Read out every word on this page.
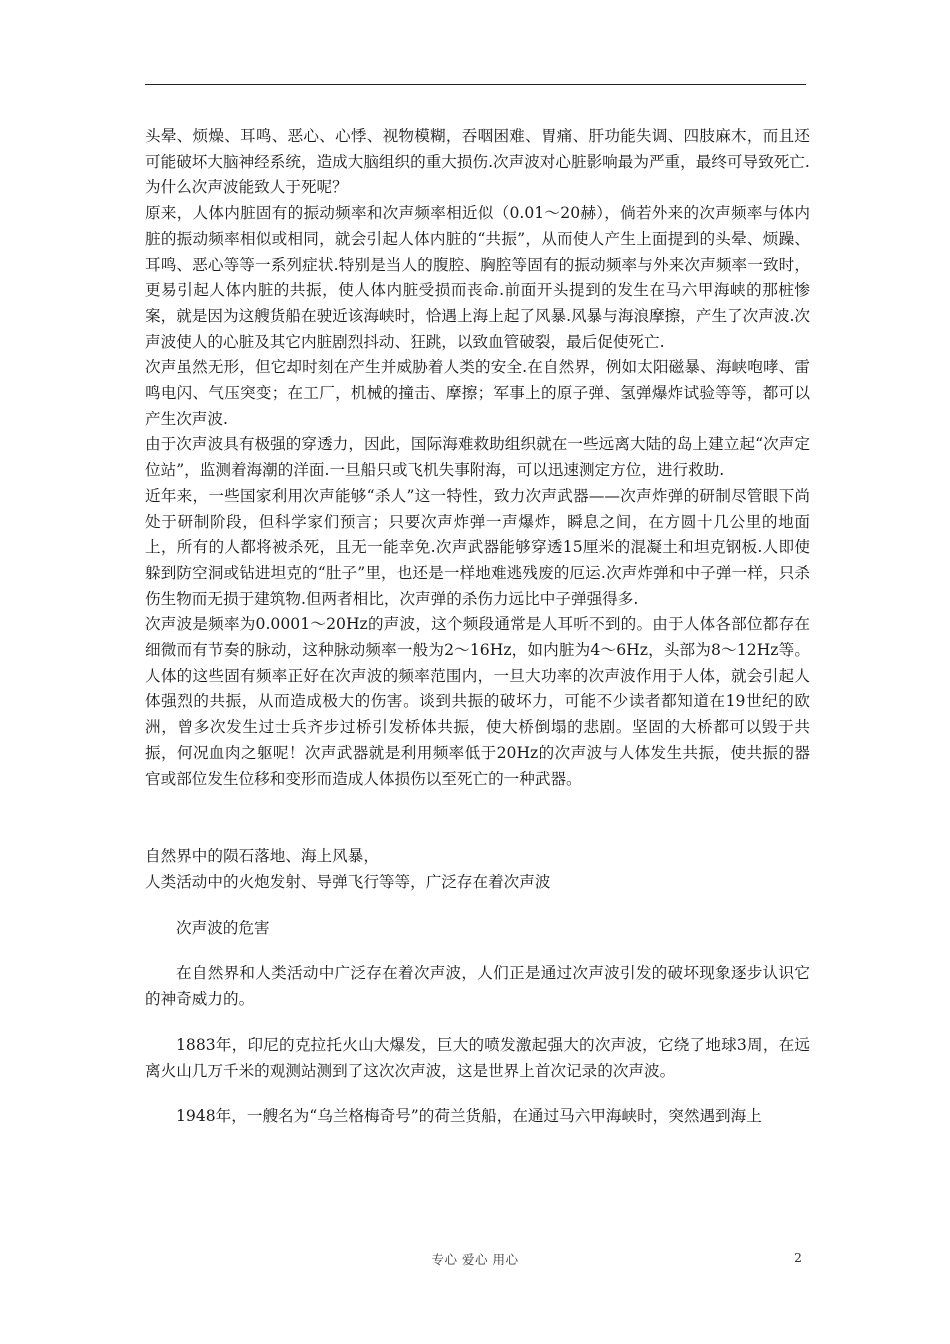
头晕、烦燥、耳鸣、恶心、心悸、视物模糊，吞咽困难、胃痛、肝功能失调、四肢麻木，而且还可能破坏大脑神经系统，造成大脑组织的重大损伤.次声波对心脏影响最为严重，最终可导致死亡.

为什么次声波能致人于死呢？

原来，人体内脏固有的振动频率和次声频率相近似（0.01～20赫），倘若外来的次声频率与体内脏的振动频率相似或相同，就会引起人体内脏的“共振”，从而使人产生上面提到的头晕、烦躁、耳鸣、恶心等等一系列症状.特别是当人的腹腔、胸腔等固有的振动频率与外来次声频率一致时，更易引起人体内脏的共振，使人体内脏受损而丧命.前面开头提到的发生在马六甲海峡的那桩惨案，就是因为这艘货船在驶近该海峡时，恰遇上海上起了风暴.风暴与海浪摩擦，产生了次声波.次声波使人的心脏及其它内脏剧烈抖动、狂跳，以致血管破裂，最后促使死亡.

次声虽然无形，但它却时刻在产生并威胁着人类的安全.在自然界，例如太阳磁暴、海峡咆哮、雷鸣电闪、气压突变；在工厂，机械的撞击、摩擦；军事上的原子弹、氢弹爆炸试验等等，都可以产生次声波.

由于次声波具有极强的穿透力，因此，国际海难救助组织就在一些远离大陆的岛上建立起“次声定位站”，监测着海潮的洋面.一旦船只或飞机失事附海，可以迅速测定方位，进行救助.

近年来，一些国家利用次声能够“杀人”这一特性，致力次声武器——次声炸弹的研制尽管眼下尚处于研制阶段，但科学家们预言；只要次声炸弹一声爆炸，瞬息之间，在方圆十几公里的地面上，所有的人都将被杀死，且无一能幸免.次声武器能够穿透15厘米的混凝土和坦克钢板.人即使躲到防空洞或钻进坦克的“肚子”里，也还是一样地难逃残废的厄运.次声炸弹和中子弹一样，只杀伤生物而无损于建筑物.但两者相比，次声弹的杀伤力远比中子弹强得多.

次声波是频率为0.0001～20Hz的声波，这个频段通常是人耳听不到的。由于人体各部位都存在细微而有节奏的脉动，这种脉动频率一般为2～16Hz，如内脏为4～6Hz，头部为8～12Hz等。人体的这些固有频率正好在次声波的频率范围内，一旦大功率的次声波作用于人体，就会引起人体强烈的共振，从而造成极大的伤害。谈到共振的破坏力，可能不少读者都知道在19世纪的欧洲，曾多次发生过士兵齐步过桥引发桥体共振，使大桥倒塌的悲剧。坚固的大桥都可以毁于共振，何况血肉之躯呢！次声武器就是利用频率低于20Hz的次声波与人体发生共振，使共振的器官或部位发生位移和变形而造成人体损伤以至死亡的一种武器。

自然界中的陨石落地、海上风暴，
人类活动中的火炮发射、导弹飞行等等，广泛存在着次声波

次声波的危害

在自然界和人类活动中广泛存在着次声波，人们正是通过次声波引发的破坏现象逐步认识它的神奇威力的。

1883年，印尼的克拉托火山大爆发，巨大的喷发激起强大的次声波，它绕了地球3周，在远离火山几万千米的观测站测到了这次次声波，这是世界上首次记录的次声波。

1948年，一艘名为“乌兰格梅奇号”的荷兰货船，在通过马六甲海峡时，突然遇到海上

专心 爱心 用心	2
